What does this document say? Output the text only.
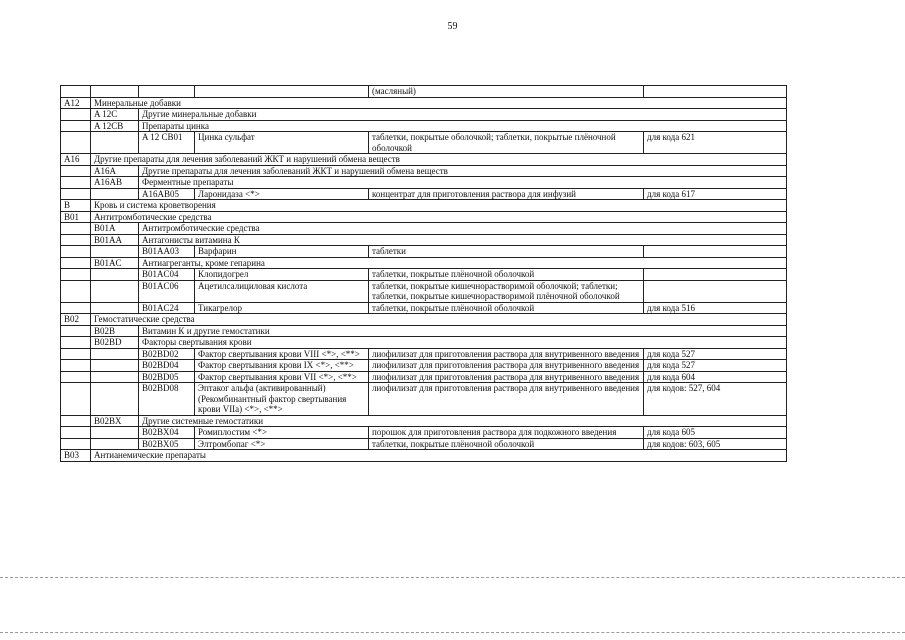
59
				(масляный)	
A12	Минеральные добавки				
	A 12С	Другие минеральные добавки			
	A 12СВ	Препараты цинка			
		A 12 СВ01	Цинка сульфат	таблетки, покрытые оболочкой; таблетки, покрытые плёночной оболочкой	для кода 621
A16	Другие препараты для лечения заболеваний ЖКТ и нарушений обмена веществ				
	A16A	Другие препараты для лечения заболеваний ЖКТ и нарушений обмена веществ			
	A16AB	Ферментные препараты			
		A16AB05	Ларонидаза <*>	концентрат для приготовления раствора для инфузий	для кода 617
B	Кровь и система кроветворения				
B01	Антитромботические средства				
	B01A	Антитромботические средства			
	B01AA	Антагонисты витамина К			
		B01AA03	Варфарин	таблетки	
	B01AC	Антиагреганты, кроме гепарина			
		B01AC04	Клопидогрел	таблетки, покрытые плёночной оболочкой	
		B01AC06	Ацетилсалициловая кислота	таблетки, покрытые кишечнорастворимой оболочкой; таблетки; таблетки, покрытые кишечнорастворимой плёночной оболочкой	
		B01AC24	Тикагрелор	таблетки, покрытые плёночной оболочкой	для кода 516
B02	Гемостатические средства				
	B02B	Витамин К и другие гемостатики			
	B02BD	Факторы свертывания крови			
		B02BD02	Фактор свертывания крови VIII <*>, <**>	лиофилизат для приготовления раствора для внутривенного введения	для кода 527
		B02BD04	Фактор свертывания крови IX <*>, <**>	лиофилизат для приготовления раствора для внутривенного введения	для кода 527
		B02BD05	Фактор свертывания крови VII <*>, <**>	лиофилизат для приготовления раствора для внутривенного введения	для кода 604
		B02BD08	Эптаког альфа (активированный) (Рекомбинантный фактор свертывания крови VIIa) <*>, <**>	лиофилизат для приготовления раствора для внутривенного введения	для кодов: 527, 604
	B02BX	Другие системные гемостатики			
		B02BX04	Ромиплостим <*>	порошок для приготовления раствора для подкожного введения	для кода 605
		B02BX05	Элтромбопаг <*>	таблетки, покрытые плёночной оболочкой	для кодов: 603, 605
B03	Антианемические препараты				
